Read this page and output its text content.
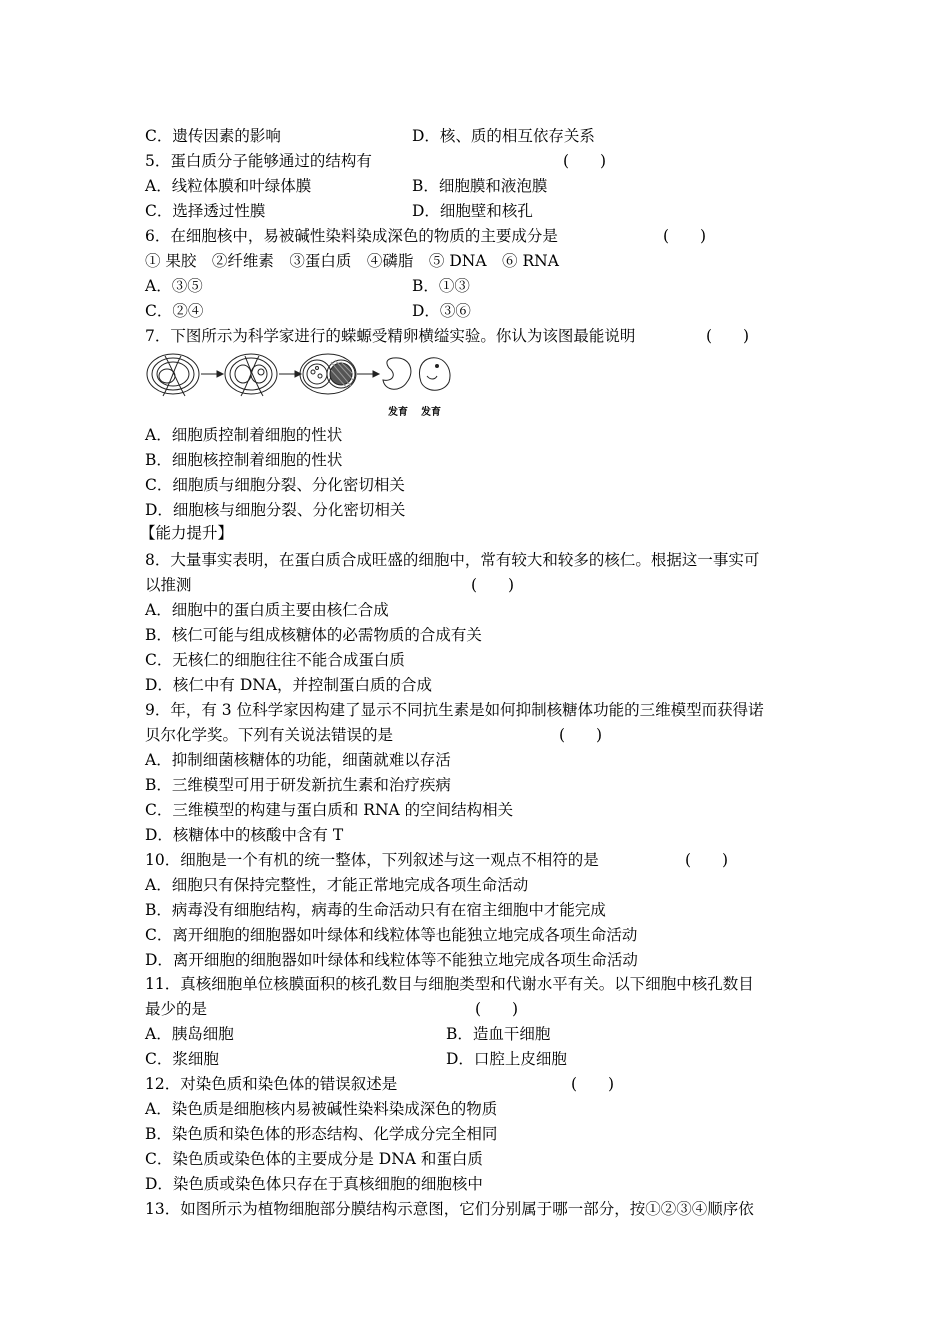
C．遗传因素的影响	D．核、质的相互依存关系
5．蛋白质分子能够通过的结构有	(　　)
A．线粒体膜和叶绿体膜	B．细胞膜和液泡膜
C．选择透过性膜	D．细胞壁和核孔
6．在细胞核中，易被碱性染料染成深色的物质的主要成分是	(　　)
① 果胶　②纤维素　③蛋白质　④磷脂　⑤ DNA　⑥ RNA
A．③⑤	B．①③
C．②④	D．③⑥
7．下图所示为科学家进行的蝾螈受精卵横缢实验。你认为该图最能说明	(　　)
发育 发育
A．细胞质控制着细胞的性状
B．细胞核控制着细胞的性状
C．细胞质与细胞分裂、分化密切相关
D．细胞核与细胞分裂、分化密切相关
【能力提升】
8．大量事实表明，在蛋白质合成旺盛的细胞中，常有较大和较多的核仁。根据这一事实可
以推测	(　　)
A．细胞中的蛋白质主要由核仁合成
B．核仁可能与组成核糖体的必需物质的合成有关
C．无核仁的细胞往往不能合成蛋白质
D．核仁中有 DNA，并控制蛋白质的合成
9．年，有 3 位科学家因构建了显示不同抗生素是如何抑制核糖体功能的三维模型而获得诺
贝尔化学奖。下列有关说法错误的是	(　　)
A．抑制细菌核糖体的功能，细菌就难以存活
B．三维模型可用于研发新抗生素和治疗疾病
C．三维模型的构建与蛋白质和 RNA 的空间结构相关
D．核糖体中的核酸中含有 T
10．细胞是一个有机的统一整体，下列叙述与这一观点不相符的是	(　　)
A．细胞只有保持完整性，才能正常地完成各项生命活动
B．病毒没有细胞结构，病毒的生命活动只有在宿主细胞中才能完成
C．离开细胞的细胞器如叶绿体和线粒体等也能独立地完成各项生命活动
D．离开细胞的细胞器如叶绿体和线粒体等不能独立地完成各项生命活动
11．真核细胞单位核膜面积的核孔数目与细胞类型和代谢水平有关。以下细胞中核孔数目
最少的是	(　　)
A．胰岛细胞	B．造血干细胞
C．浆细胞	D．口腔上皮细胞
12．对染色质和染色体的错误叙述是	(　　)
A．染色质是细胞核内易被碱性染料染成深色的物质
B．染色质和染色体的形态结构、化学成分完全相同
C．染色质或染色体的主要成分是 DNA 和蛋白质
D．染色质或染色体只存在于真核细胞的细胞核中
13．如图所示为植物细胞部分膜结构示意图，它们分别属于哪一部分，按①②③④顺序依
